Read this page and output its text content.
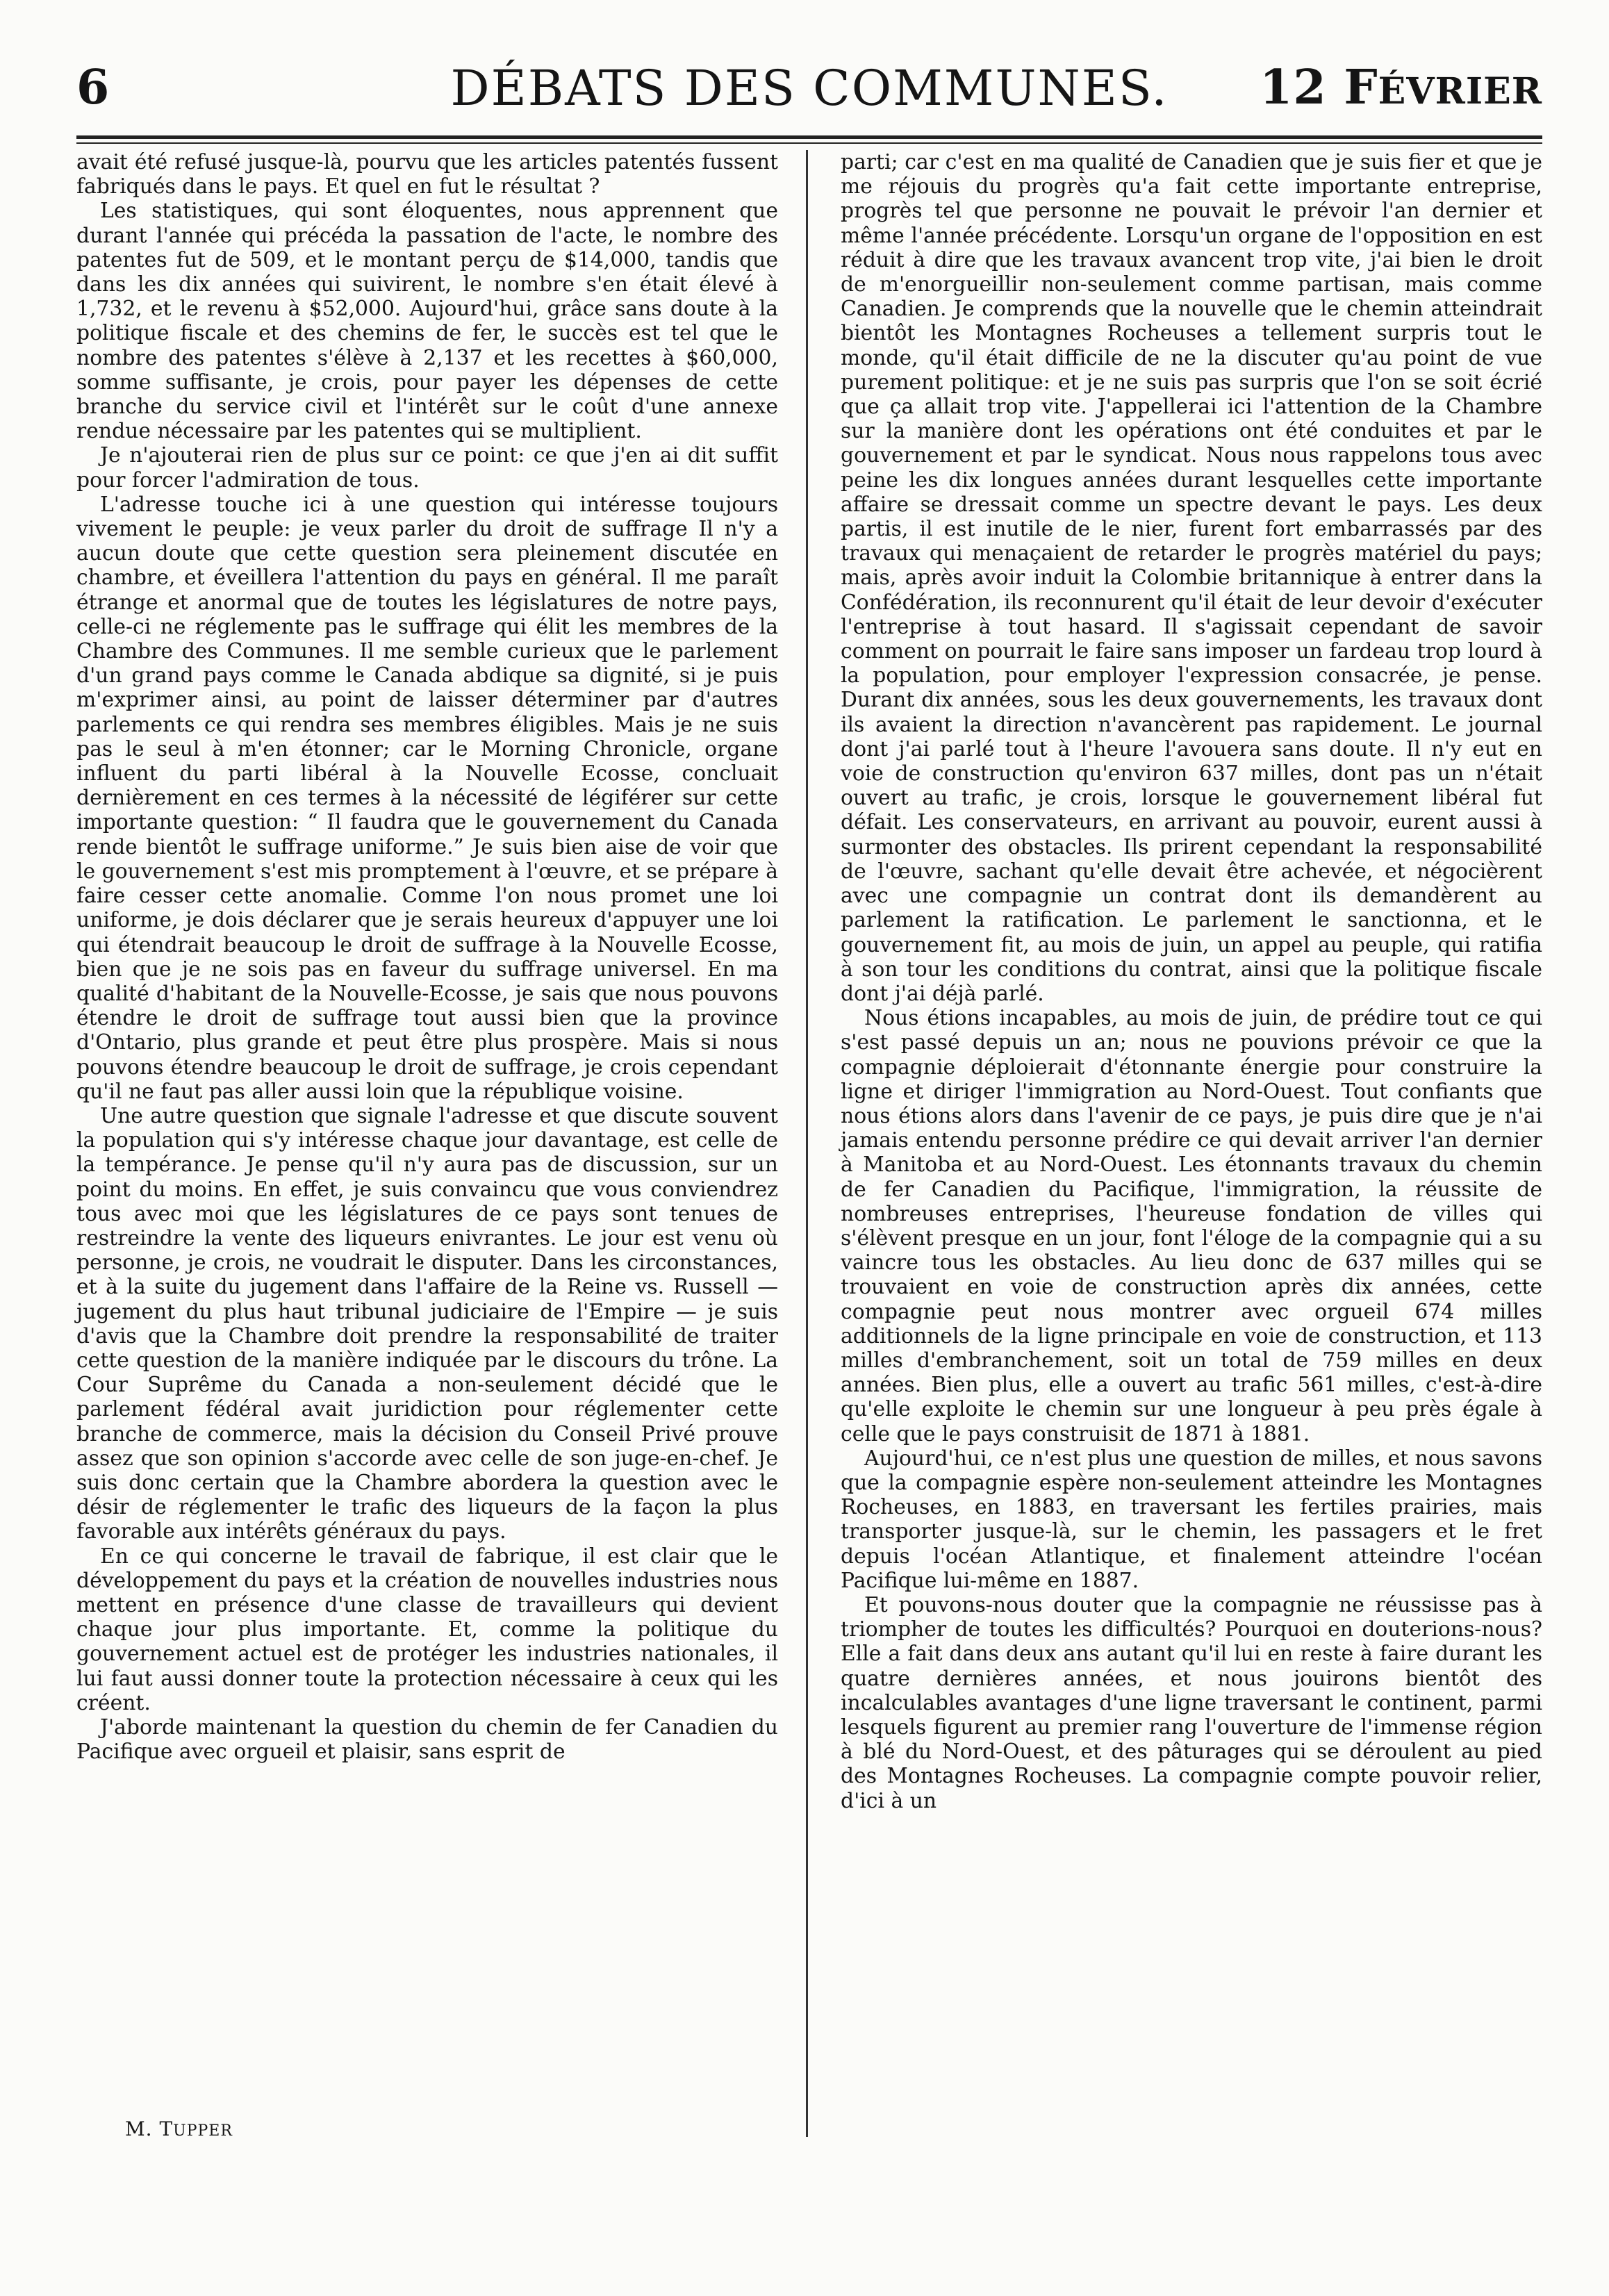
6	DÉBATS DES COMMUNES.	12 FÉVRIER

avait été refusé jusque-là, pourvu que les articles patentés fussent fabriqués dans le pays. Et quel en fut le résultat ?

Les statistiques, qui sont éloquentes, nous apprennent que durant l'année qui précéda la passation de l'acte, le nombre des patentes fut de 509, et le montant perçu de $14,000, tandis que dans les dix années qui suivirent, le nombre s'en était élevé à 1,732, et le revenu à $52,000. Aujourd'hui, grâce sans doute à la politique fiscale et des chemins de fer, le succès est tel que le nombre des patentes s'élève à 2,137 et les recettes à $60,000, somme suffisante, je crois, pour payer les dépenses de cette branche du service civil et l'intérêt sur le coût d'une annexe rendue nécessaire par les patentes qui se multiplient.

Je n'ajouterai rien de plus sur ce point: ce que j'en ai dit suffit pour forcer l'admiration de tous.

L'adresse touche ici à une question qui intéresse toujours vivement le peuple: je veux parler du droit de suffrage Il n'y a aucun doute que cette question sera pleinement discutée en chambre, et éveillera l'attention du pays en général. Il me paraît étrange et anormal que de toutes les législatures de notre pays, celle-ci ne réglemente pas le suffrage qui élit les membres de la Chambre des Communes. Il me semble curieux que le parlement d'un grand pays comme le Canada abdique sa dignité, si je puis m'exprimer ainsi, au point de laisser déterminer par d'autres parlements ce qui rendra ses membres éligibles. Mais je ne suis pas le seul à m'en étonner; car le Morning Chronicle, organe influent du parti libéral à la Nouvelle Ecosse, concluait dernièrement en ces termes à la nécessité de légiférer sur cette importante question: “ Il faudra que le gouvernement du Canada rende bientôt le suffrage uniforme.” Je suis bien aise de voir que le gouvernement s'est mis promptement à l'œuvre, et se prépare à faire cesser cette anomalie. Comme l'on nous promet une loi uniforme, je dois déclarer que je serais heureux d'appuyer une loi qui étendrait beaucoup le droit de suffrage à la Nouvelle Ecosse, bien que je ne sois pas en faveur du suffrage universel. En ma qualité d'habitant de la Nouvelle-Ecosse, je sais que nous pouvons étendre le droit de suffrage tout aussi bien que la province d'Ontario, plus grande et peut être plus prospère. Mais si nous pouvons étendre beaucoup le droit de suffrage, je crois cependant qu'il ne faut pas aller aussi loin que la république voisine.

Une autre question que signale l'adresse et que discute souvent la population qui s'y intéresse chaque jour davantage, est celle de la tempérance. Je pense qu'il n'y aura pas de discussion, sur un point du moins. En effet, je suis convaincu que vous conviendrez tous avec moi que les législatures de ce pays sont tenues de restreindre la vente des liqueurs enivrantes. Le jour est venu où personne, je crois, ne voudrait le disputer. Dans les circonstances, et à la suite du jugement dans l'affaire de la Reine vs. Russell —jugement du plus haut tribunal judiciaire de l'Empire — je suis d'avis que la Chambre doit prendre la responsabilité de traiter cette question de la manière indiquée par le discours du trône. La Cour Suprême du Canada a non-seulement décidé que le parlement fédéral avait juridiction pour réglementer cette branche de commerce, mais la décision du Conseil Privé prouve assez que son opinion s'accorde avec celle de son juge-en-chef. Je suis donc certain que la Chambre abordera la question avec le désir de réglementer le trafic des liqueurs de la façon la plus favorable aux intérêts généraux du pays.

En ce qui concerne le travail de fabrique, il est clair que le développement du pays et la création de nouvelles industries nous mettent en présence d'une classe de travailleurs qui devient chaque jour plus importante. Et, comme la politique du gouvernement actuel est de protéger les industries nationales, il lui faut aussi donner toute la protection nécessaire à ceux qui les créent.

J'aborde maintenant la question du chemin de fer Canadien du Pacifique avec orgueil et plaisir, sans esprit de

M. TUPPER

parti; car c'est en ma qualité de Canadien que je suis fier et que je me réjouis du progrès qu'a fait cette importante entreprise, progrès tel que personne ne pouvait le prévoir l'an dernier et même l'année précédente. Lorsqu'un organe de l'opposition en est réduit à dire que les travaux avancent trop vite, j'ai bien le droit de m'enorgueillir non-seulement comme partisan, mais comme Canadien. Je comprends que la nouvelle que le chemin atteindrait bientôt les Montagnes Rocheuses a tellement surpris tout le monde, qu'il était difficile de ne la discuter qu'au point de vue purement politique: et je ne suis pas surpris que l'on se soit écrié que ça allait trop vite. J'appellerai ici l'attention de la Chambre sur la manière dont les opérations ont été conduites et par le gouvernement et par le syndicat. Nous nous rappelons tous avec peine les dix longues années durant lesquelles cette importante affaire se dressait comme un spectre devant le pays. Les deux partis, il est inutile de le nier, furent fort embarrassés par des travaux qui menaçaient de retarder le progrès matériel du pays; mais, après avoir induit la Colombie britannique à entrer dans la Confédération, ils reconnurent qu'il était de leur devoir d'exécuter l'entreprise à tout hasard. Il s'agissait cependant de savoir comment on pourrait le faire sans imposer un fardeau trop lourd à la population, pour employer l'expression consacrée, je pense. Durant dix années, sous les deux gouvernements, les travaux dont ils avaient la direction n'avancèrent pas rapidement. Le journal dont j'ai parlé tout à l'heure l'avouera sans doute. Il n'y eut en voie de construction qu'environ 637 milles, dont pas un n'était ouvert au trafic, je crois, lorsque le gouvernement libéral fut défait. Les conservateurs, en arrivant au pouvoir, eurent aussi à surmonter des obstacles. Ils prirent cependant la responsabilité de l'œuvre, sachant qu'elle devait être achevée, et négocièrent avec une compagnie un contrat dont ils demandèrent au parlement la ratification. Le parlement le sanctionna, et le gouvernement fit, au mois de juin, un appel au peuple, qui ratifia à son tour les conditions du contrat, ainsi que la politique fiscale dont j'ai déjà parlé.

Nous étions incapables, au mois de juin, de prédire tout ce qui s'est passé depuis un an; nous ne pouvions prévoir ce que la compagnie déploierait d'étonnante énergie pour construire la ligne et diriger l'immigration au Nord-Ouest. Tout confiants que nous étions alors dans l'avenir de ce pays, je puis dire que je n'ai jamais entendu personne prédire ce qui devait arriver l'an dernier à Manitoba et au Nord-Ouest. Les étonnants travaux du chemin de fer Canadien du Pacifique, l'immigration, la réussite de nombreuses entreprises, l'heureuse fondation de villes qui s'élèvent presque en un jour, font l'éloge de la compagnie qui a su vaincre tous les obstacles. Au lieu donc de 637 milles qui se trouvaient en voie de construction après dix années, cette compagnie peut nous montrer avec orgueil 674 milles additionnels de la ligne principale en voie de construction, et 113 milles d'embranchement, soit un total de 759 milles en deux années. Bien plus, elle a ouvert au trafic 561 milles, c'est-à-dire qu'elle exploite le chemin sur une longueur à peu près égale à celle que le pays construisit de 1871 à 1881.

Aujourd'hui, ce n'est plus une question de milles, et nous savons que la compagnie espère non-seulement atteindre les Montagnes Rocheuses, en 1883, en traversant les fertiles prairies, mais transporter jusque-là, sur le chemin, les passagers et le fret depuis l'océan Atlantique, et finalement atteindre l'océan Pacifique lui-même en 1887.

Et pouvons-nous douter que la compagnie ne réussisse pas à triompher de toutes les difficultés? Pourquoi en douterions-nous? Elle a fait dans deux ans autant qu'il lui en reste à faire durant les quatre dernières années, et nous jouirons bientôt des incalculables avantages d'une ligne traversant le continent, parmi lesquels figurent au premier rang l'ouverture de l'immense région à blé du Nord-Ouest, et des pâturages qui se déroulent au pied des Montagnes Rocheuses. La compagnie compte pouvoir relier, d'ici à un
